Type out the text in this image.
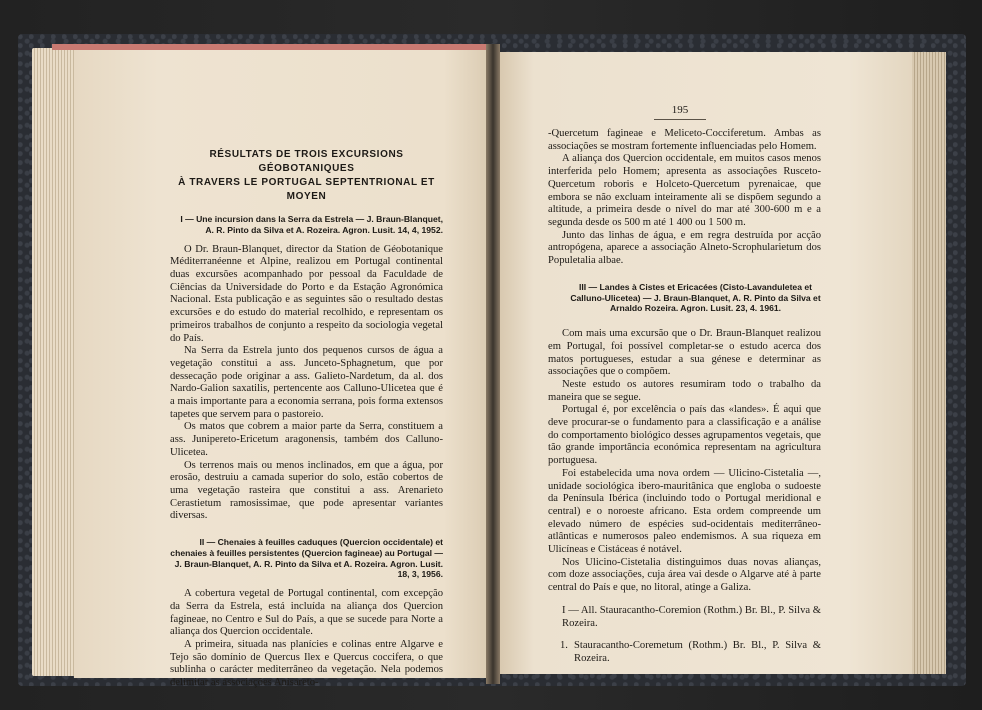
RÉSULTATS DE TROIS EXCURSIONS GÉOBOTANIQUES
À TRAVERS LE PORTUGAL SEPTENTRIONAL ET MOYEN
I — Une incursion dans la Serra da Estrela — J. Braun-Blanquet, A. R. Pinto da Silva et A. Rozeira. Agron. Lusit. 14, 4, 1952.

O Dr. Braun-Blanquet, director da Station de Géobotanique Méditerranéenne et Alpine, realizou em Portugal continental duas excursões acompanhado por pessoal da Faculdade de Ciências da Universidade do Porto e da Estação Agronómica Nacional. Esta publicação e as seguintes são o resultado destas excursões e do estudo do material recolhido, e representam os primeiros trabalhos de conjunto a respeito da sociologia vegetal do País.

Na Serra da Estrela junto dos pequenos cursos de água a vegetação constitui a ass. Junceto-Sphagnetum, que por dessecação pode originar a ass. Galieto-Nardetum, da al. dos Nardo-Galion saxatilis, pertencente aos Calluno-Ulicetea que é a mais importante para a economia serrana, pois forma extensos tapetes que servem para o pastoreio.

Os matos que cobrem a maior parte da Serra, constituem a ass. Junipereto-Ericetum aragonensis, também dos Calluno-Ulicetea.

Os terrenos mais ou menos inclinados, em que a água, por erosão, destruiu a camada superior do solo, estão cobertos de uma vegetação rasteira que constitui a ass. Arenarieto Cerastietum ramosissimae, que pode apresentar variantes diversas.

II — Chenaies à feuilles caduques (Quercion occidentale) et chenaies à feuilles persistentes (Quercion fagineae) au Portugal — J. Braun-Blanquet, A. R. Pinto da Silva et A. Rozeira. Agron. Lusit. 18, 3, 1956.

A cobertura vegetal de Portugal continental, com excepção da Serra da Estrela, está incluída na aliança dos Quercion fagineae, no Centro e Sul do País, a que se sucede para Norte a aliança dos Quercion occidentale.

A primeira, situada nas planícies e colinas entre Algarve e Tejo são domínio de Quercus Ilex e Quercus coccifera, o que sublinha o carácter mediterrâneo da vegetação. Nela podemos delimitar as associações Anisareto-

195

-Quercetum fagineae e Meliceto-Cocciferetum. Ambas as associações se mostram fortemente influenciadas pelo Homem.

A aliança dos Quercion occidentale, em muitos casos menos interferida pelo Homem; apresenta as associações Rusceto-Quercetum roboris e Holceto-Quercetum pyrenaicae, que embora se não excluam inteiramente ali se dispõem segundo a altitude, a primeira desde o nível do mar até 300-600 m e a segunda desde os 500 m até 1 400 ou 1 500 m.

Junto das linhas de água, e em regra destruída por acção antropógena, aparece a associação Alneto-Scrophularietum dos Populetalia albae.

III — Landes à Cistes et Ericacées (Cisto-Lavanduletea et Calluno-Ulicetea) — J. Braun-Blanquet, A. R. Pinto da Silva et Arnaldo Rozeira. Agron. Lusit. 23, 4. 1961.

Com mais uma excursão que o Dr. Braun-Blanquet realizou em Portugal, foi possível completar-se o estudo acerca dos matos portugueses, estudar a sua génese e determinar as associações que o compõem.

Neste estudo os autores resumiram todo o trabalho da maneira que se segue.

Portugal é, por excelência o país das «landes». É aqui que deve procurar-se o fundamento para a classificação e a análise do comportamento biológico desses agrupamentos vegetais, que tão grande importância económica representam na agricultura portuguesa.

Foi estabelecida uma nova ordem — Ulicino-Cistetalia —, unidade sociológica ibero-mauritânica que engloba o sudoeste da Península Ibérica (incluindo todo o Portugal meridional e central) e o noroeste africano. Esta ordem compreende um elevado número de espécies sud-ocidentais mediterrâneo-atlânticas e numerosos paleo endemismos. A sua riqueza em Ulicíneas e Cistáceas é notável.

Nos Ulicino-Cistetalia distinguimos duas novas alianças, com doze associações, cuja área vai desde o Algarve até à parte central do País e que, no litoral, atinge a Galiza.

I — All. Stauracantho-Coremion (Rothm.) Br. Bl., P. Silva & Rozeira.

1. Stauracantho-Coremetum (Rothm.) Br. Bl., P. Silva & Rozeira.
